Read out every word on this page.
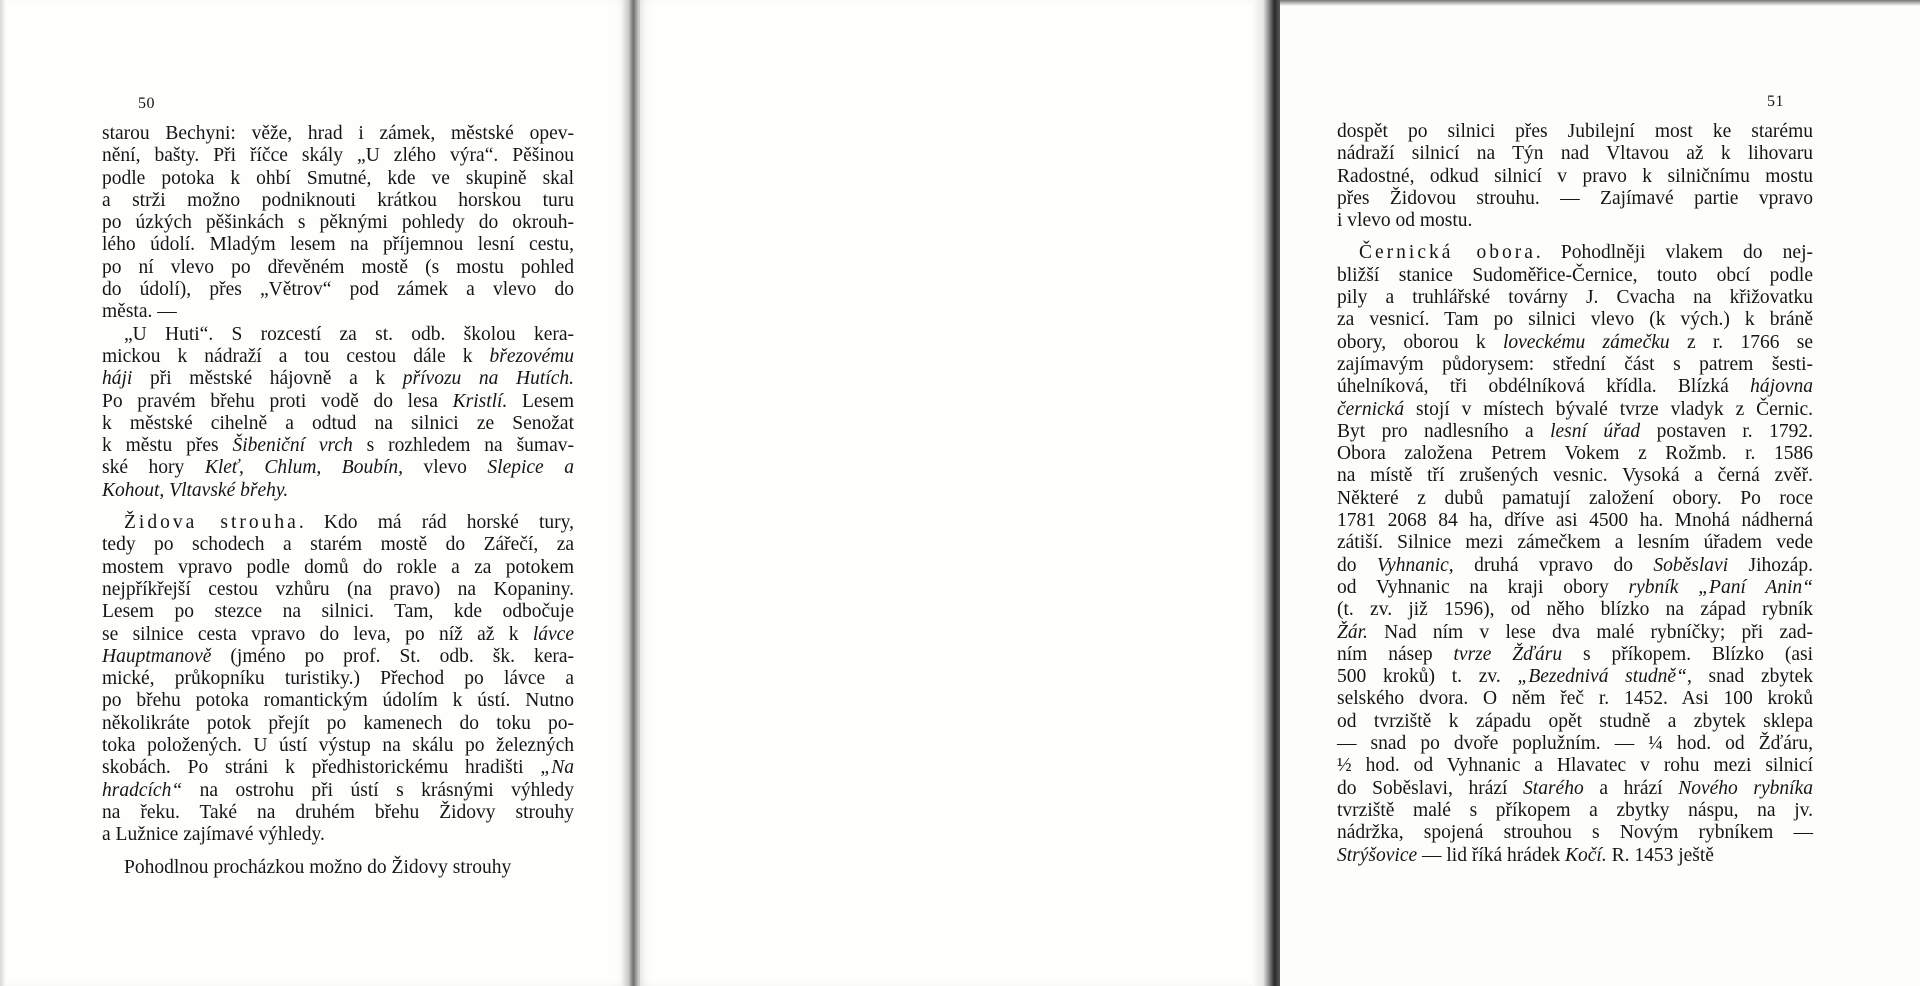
50
starou Bechyni: věže, hrad i zámek, městské opev-
nění, bašty. Při říčce skály „U zlého výra“. Pěšinou
podle potoka k ohbí Smutné, kde ve skupině skal
a strži možno podniknouti krátkou horskou turu
po úzkých pěšinkách s pěknými pohledy do okrouh-
lého údolí. Mladým lesem na příjemnou lesní cestu,
po ní vlevo po dřevěném mostě (s mostu pohled
do údolí), přes „Větrov“ pod zámek a vlevo do
města. —
„U Huti“. S rozcestí za st. odb. školou kera-
mickou k nádraží a tou cestou dále k březovému
háji při městské hájovně a k přívozu na Hutích.
Po pravém břehu proti vodě do lesa Kristlí. Lesem
k městské cihelně a odtud na silnici ze Senožat
k městu přes Šibeniční vrch s rozhledem na šumav-
ské hory Kleť, Chlum, Boubín, vlevo Slepice a
Kohout, Vltavské břehy.
Židova strouha. Kdo má rád horské tury,
tedy po schodech a starém mostě do Zářečí, za
mostem vpravo podle domů do rokle a za potokem
nejpříkřejší cestou vzhůru (na pravo) na Kopaniny.
Lesem po stezce na silnici. Tam, kde odbočuje
se silnice cesta vpravo do leva, po níž až k lávce
Hauptmanově (jméno po prof. St. odb. šk. kera-
mické, průkopníku turistiky.) Přechod po lávce a
po břehu potoka romantickým údolím k ústí. Nutno
několikráte potok přejít po kamenech do toku po-
toka položených. U ústí výstup na skálu po železných
skobách. Po stráni k předhistorickému hradišti „Na
hradcích“ na ostrohu při ústí s krásnými výhledy
na řeku. Také na druhém břehu Židovy strouhy
a Lužnice zajímavé výhledy.
Pohodlnou procházkou možno do Židovy strouhy
51
dospět po silnici přes Jubilejní most ke starému
nádraží silnicí na Týn nad Vltavou až k lihovaru
Radostné, odkud silnicí v pravo k silničnímu mostu
přes Židovou strouhu. — Zajímavé partie vpravo
i vlevo od mostu.
Černická obora. Pohodlněji vlakem do nej-
bližší stanice Sudoměřice-Černice, touto obcí podle
pily a truhlářské továrny J. Cvacha na křižovatku
za vesnicí. Tam po silnici vlevo (k vých.) k bráně
obory, oborou k loveckému zámečku z r. 1766 se
zajímavým půdorysem: střední část s patrem šesti-
úhelníková, tři obdélníková křídla. Blízká hájovna
černická stojí v místech bývalé tvrze vladyk z Černic.
Byt pro nadlesního a lesní úřad postaven r. 1792.
Obora založena Petrem Vokem z Rožmb. r. 1586
na místě tří zrušených vesnic. Vysoká a černá zvěř.
Některé z dubů pamatují založení obory. Po roce
1781 2068 84 ha, dříve asi 4500 ha. Mnohá nádherná
zátiší. Silnice mezi zámečkem a lesním úřadem vede
do Vyhnanic, druhá vpravo do Soběslavi Jihozáp.
od Vyhnanic na kraji obory rybník „Paní Anin“
(t. zv. již 1596), od něho blízko na západ rybník
Žár. Nad ním v lese dva malé rybníčky; při zad-
ním násep tvrze Žďáru s příkopem. Blízko (asi
500 kroků) t. zv. „Bezednivá studně“, snad zbytek
selského dvora. O něm řeč r. 1452. Asi 100 kroků
od tvrziště k západu opět studně a zbytek sklepa
— snad po dvoře poplužním. — ¼ hod. od Žďáru,
½ hod. od Vyhnanic a Hlavatec v rohu mezi silnicí
do Soběslavi, hrází Starého a hrází Nového rybníka
tvrziště malé s příkopem a zbytky náspu, na jv.
nádržka, spojená strouhou s Novým rybníkem —
Strýšovice — lid říká hrádek Kočí. R. 1453 ještě
